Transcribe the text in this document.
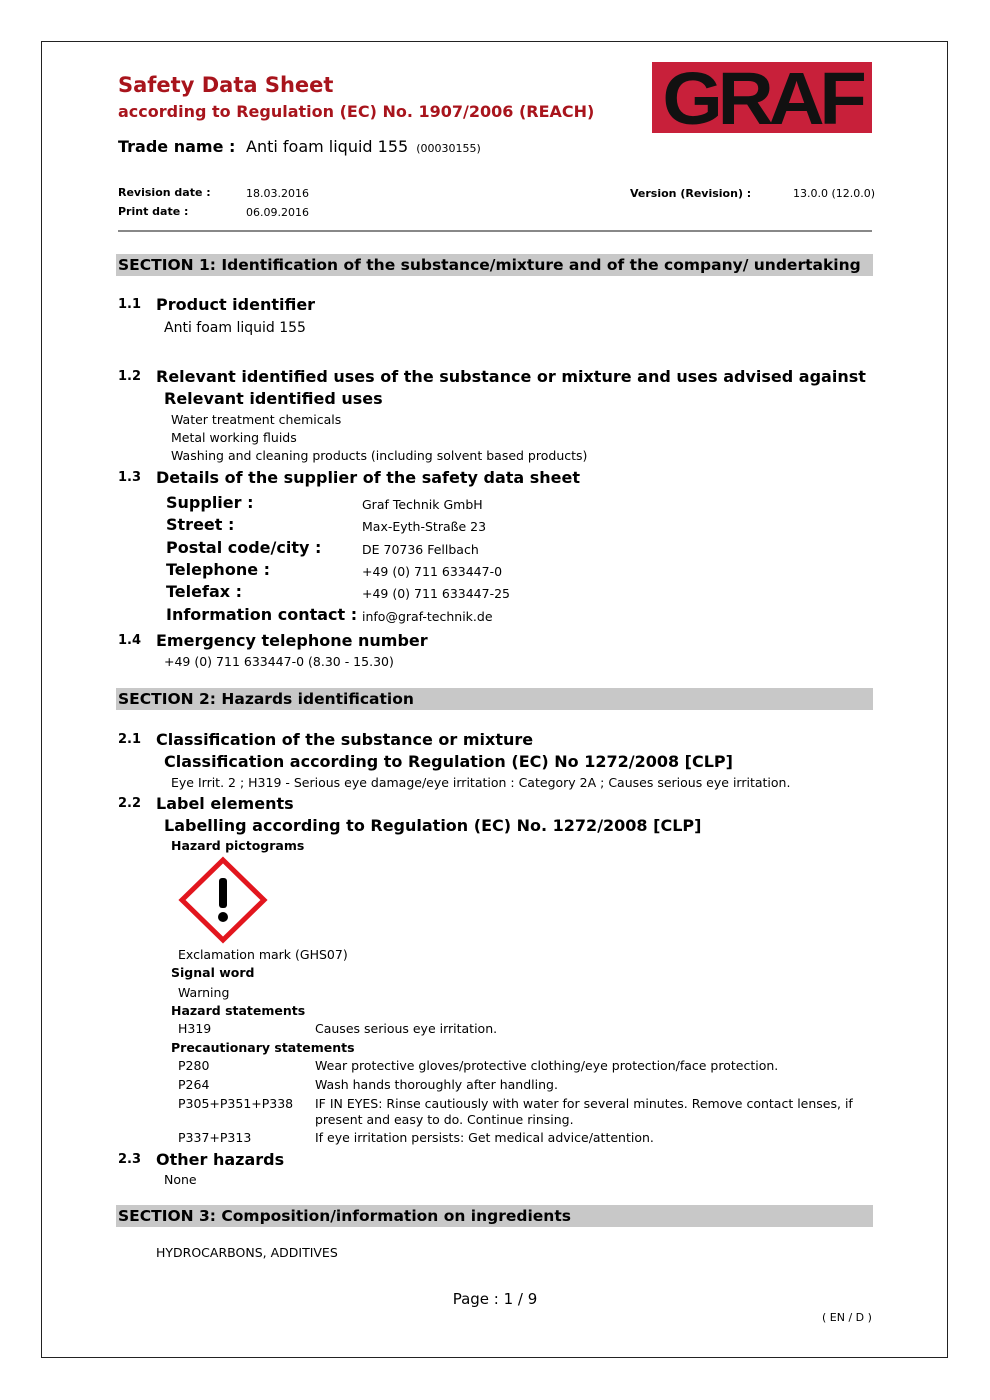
Safety Data Sheet
according to Regulation (EC) No. 1907/2006 (REACH) GRAF
Trade name : Anti foam liquid 155 (00030155)
Revision date :	18.03.2016
Print date :	06.09.2016
Version (Revision) :	13.0.0 (12.0.0)
SECTION 1: Identification of the substance/mixture and of the company/ undertaking
1.1 Product identifier
Anti foam liquid 155
1.2 Relevant identified uses of the substance or mixture and uses advised against
Relevant identified uses
Water treatment chemicals
Metal working fluids
Washing and cleaning products (including solvent based products)
1.3 Details of the supplier of the safety data sheet
Supplier :	Graf Technik GmbH
Street :	Max-Eyth-Straße 23
Postal code/city :	DE 70736 Fellbach
Telephone :	+49 (0) 711 633447-0
Telefax :	+49 (0) 711 633447-25
Information contact : info@graf-technik.de
1.4 Emergency telephone number
+49 (0) 711 633447-0 (8.30 - 15.30)
SECTION 2: Hazards identification
2.1 Classification of the substance or mixture
Classification according to Regulation (EC) No 1272/2008 [CLP]
Eye Irrit. 2 ; H319 - Serious eye damage/eye irritation : Category 2A ; Causes serious eye irritation.
2.2 Label elements
Labelling according to Regulation (EC) No. 1272/2008 [CLP]
Hazard pictograms
Exclamation mark (GHS07)
Signal word
Warning
Hazard statements
H319	Causes serious eye irritation.
Precautionary statements
P280	Wear protective gloves/protective clothing/eye protection/face protection.
P264	Wash hands thoroughly after handling.
P305+P351+P338 IF IN EYES: Rinse cautiously with water for several minutes. Remove contact lenses, if present and easy to do. Continue rinsing.
P337+P313	If eye irritation persists: Get medical advice/attention.
2.3 Other hazards
None
SECTION 3: Composition/information on ingredients
HYDROCARBONS, ADDITIVES
Page : 1 / 9
( EN / D )
